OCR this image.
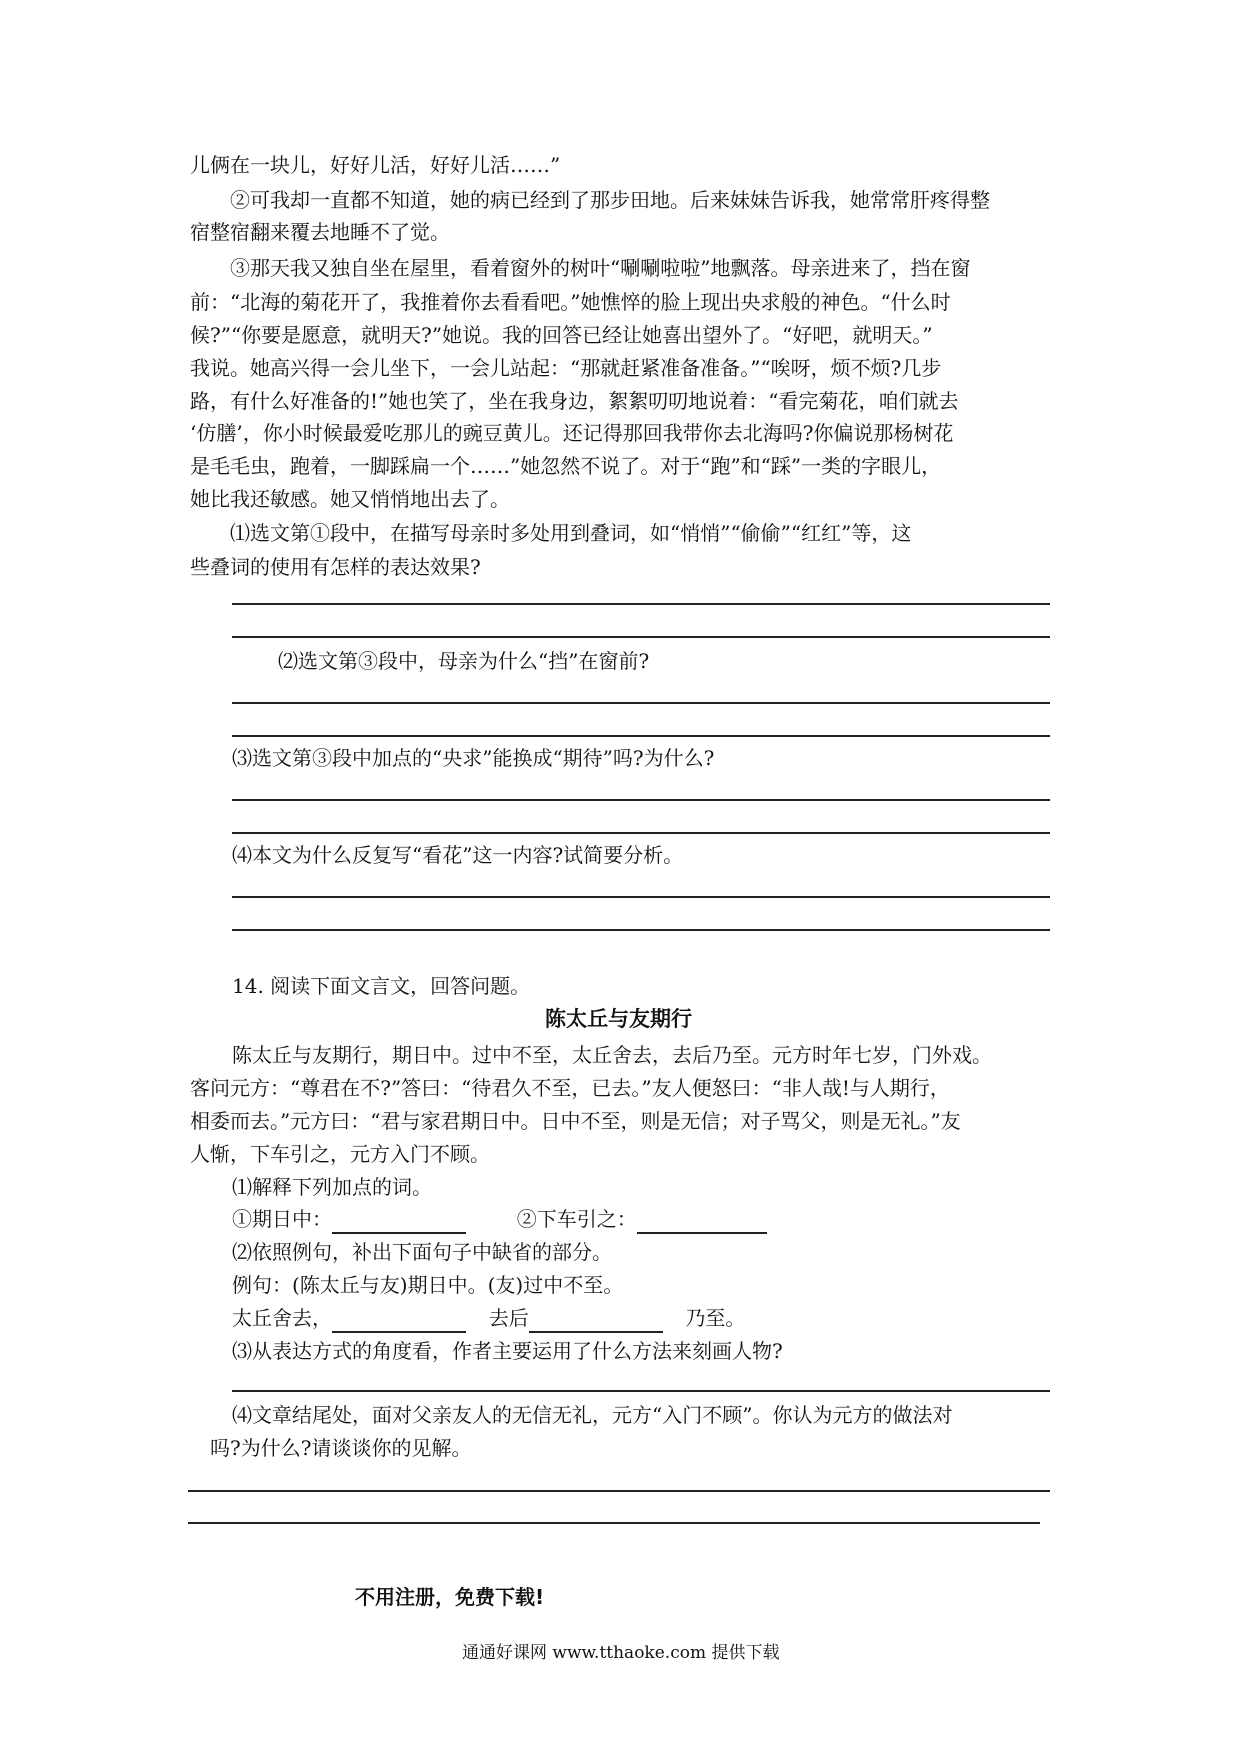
儿俩在一块儿，好好儿活，好好儿活……”
②可我却一直都不知道，她的病已经到了那步田地。后来妹妹告诉我，她常常肝疼得整
宿整宿翻来覆去地睡不了觉。
③那天我又独自坐在屋里，看着窗外的树叶“唰唰啦啦”地飘落。母亲进来了，挡在窗
前：“北海的菊花开了，我推着你去看看吧。”她憔悴的脸上现出央求般的神色。“什么时
候?”“你要是愿意，就明天?”她说。我的回答已经让她喜出望外了。“好吧，就明天。”
我说。她高兴得一会儿坐下，一会儿站起：“那就赶紧准备准备。”“唉呀，烦不烦?几步
路，有什么好准备的!”她也笑了，坐在我身边，絮絮叨叨地说着：“看完菊花，咱们就去
‘仿膳’，你小时候最爱吃那儿的豌豆黄儿。还记得那回我带你去北海吗?你偏说那杨树花
是毛毛虫，跑着，一脚踩扁一个……”她忽然不说了。对于“跑”和“踩”一类的字眼儿，
她比我还敏感。她又悄悄地出去了。
⑴选文第①段中，在描写母亲时多处用到叠词，如“悄悄”“偷偷”“红红”等，这
些叠词的使用有怎样的表达效果?
⑵选文第③段中，母亲为什么“挡”在窗前?
⑶选文第③段中加点的“央求”能换成“期待”吗?为什么?
⑷本文为什么反复写“看花”这一内容?试简要分析。
14. 阅读下面文言文，回答问题。
陈太丘与友期行
陈太丘与友期行，期日中。过中不至，太丘舍去，去后乃至。元方时年七岁，门外戏。
客问元方：“尊君在不?”答曰：“待君久不至，已去。”友人便怒曰：“非人哉!与人期行，
相委而去。”元方曰：“君与家君期日中。日中不至，则是无信；对子骂父，则是无礼。”友
人惭，下车引之，元方入门不顾。
⑴解释下列加点的词。
①期日中：	②下车引之：
⑵依照例句，补出下面句子中缺省的部分。
例句：(陈太丘与友)期日中。(友)过中不至。
太丘舍去，	去后	乃至。
⑶从表达方式的角度看，作者主要运用了什么方法来刻画人物?
⑷文章结尾处，面对父亲友人的无信无礼，元方“入门不顾”。你认为元方的做法对
吗?为什么?请谈谈你的见解。
不用注册，免费下载!
通通好课网 www.tthaoke.com 提供下载
